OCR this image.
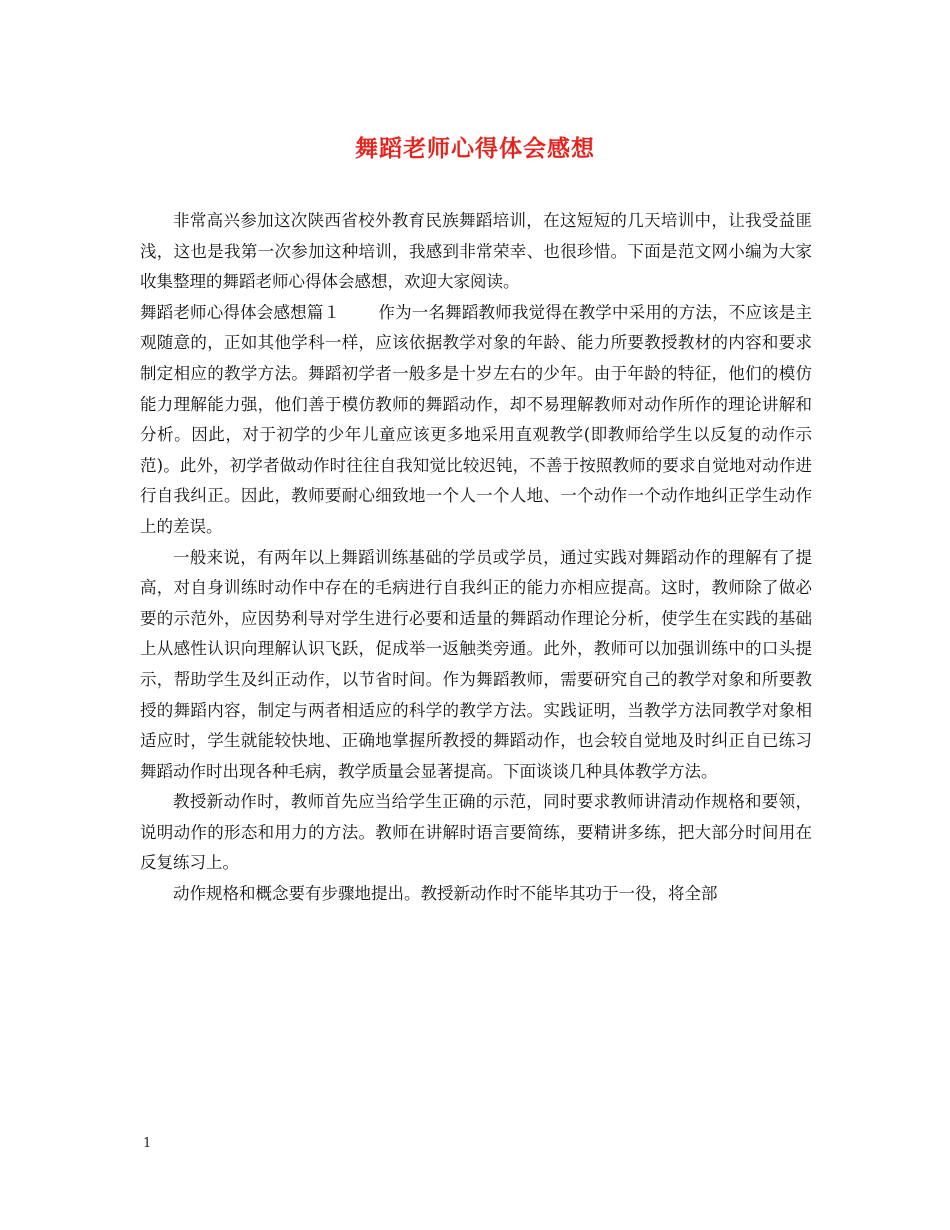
舞蹈老师心得体会感想

非常高兴参加这次陕西省校外教育民族舞蹈培训，在这短短的几天培训中，让我受益匪浅，这也是我第一次参加这种培训，我感到非常荣幸、也很珍惜。下面是范文网小编为大家收集整理的舞蹈老师心得体会感想，欢迎大家阅读。

舞蹈老师心得体会感想篇１ 作为一名舞蹈教师我觉得在教学中采用的方法，不应该是主观随意的，正如其他学科一样，应该依据教学对象的年龄、能力所要教授教材的内容和要求制定相应的教学方法。舞蹈初学者一般多是十岁左右的少年。由于年龄的特征，他们的模仿能力理解能力强，他们善于模仿教师的舞蹈动作，却不易理解教师对动作所作的理论讲解和分析。因此，对于初学的少年儿童应该更多地采用直观教学(即教师给学生以反复的动作示范)。此外，初学者做动作时往往自我知觉比较迟钝，不善于按照教师的要求自觉地对动作进行自我纠正。因此，教师要耐心细致地一个人一个人地、一个动作一个动作地纠正学生动作上的差误。

一般来说，有两年以上舞蹈训练基础的学员或学员，通过实践对舞蹈动作的理解有了提高，对自身训练时动作中存在的毛病进行自我纠正的能力亦相应提高。这时，教师除了做必要的示范外，应因势利导对学生进行必要和适量的舞蹈动作理论分析，使学生在实践的基础上从感性认识向理解认识飞跃，促成举一返触类旁通。此外，教师可以加强训练中的口头提示，帮助学生及纠正动作，以节省时间。作为舞蹈教师，需要研究自己的教学对象和所要教授的舞蹈内容，制定与两者相适应的科学的教学方法。实践证明，当教学方法同教学对象相适应时，学生就能较快地、正确地掌握所教授的舞蹈动作，也会较自觉地及时纠正自已练习舞蹈动作时出现各种毛病，教学质量会显著提高。下面谈谈几种具体教学方法。

教授新动作时，教师首先应当给学生正确的示范，同时要求教师讲清动作规格和要领，说明动作的形态和用力的方法。教师在讲解时语言要简练，要精讲多练，把大部分时间用在反复练习上。

动作规格和概念要有步骤地提出。教授新动作时不能毕其功于一役，将全部

1
